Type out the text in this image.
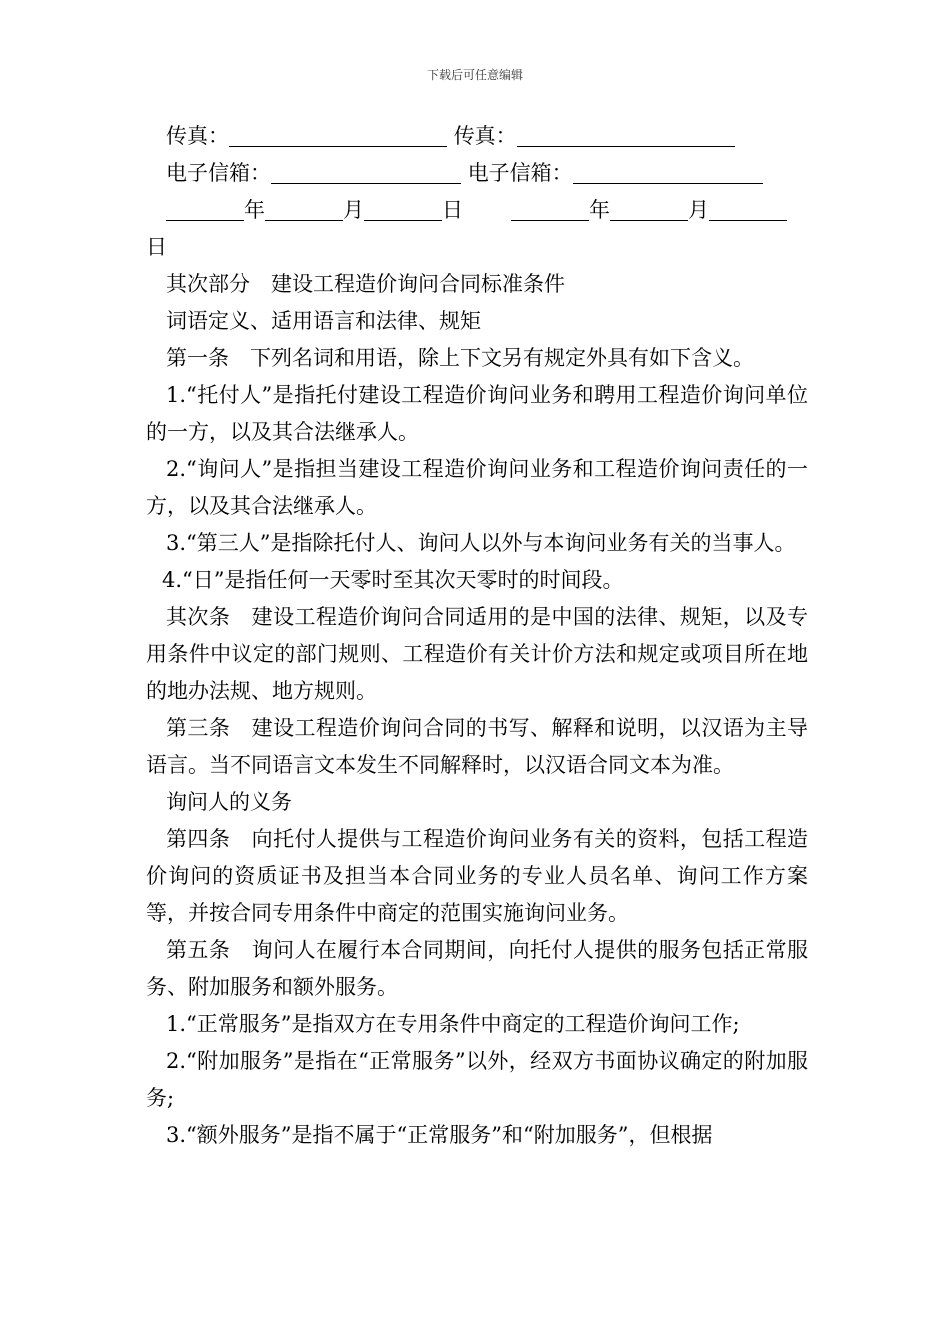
下载后可任意编辑
传真：	传真：
电子信箱：	电子信箱：
年	月	日	年	月
日
其次部分　建设工程造价询问合同标准条件
词语定义、适用语言和法律、规矩
第一条　下列名词和用语，除上下文另有规定外具有如下含义。

1.“托付人”是指托付建设工程造价询问业务和聘用工程造价询问单位的一方，以及其合法继承人。

2.“询问人”是指担当建设工程造价询问业务和工程造价询问责任的一方，以及其合法继承人。

3.“第三人”是指除托付人、询问人以外与本询问业务有关的当事人。

4.“日”是指任何一天零时至其次天零时的时间段。

其次条　建设工程造价询问合同适用的是中国的法律、规矩，以及专用条件中议定的部门规则、工程造价有关计价方法和规定或项目所在地的地办法规、地方规则。

第三条　建设工程造价询问合同的书写、解释和说明，以汉语为主导语言。当不同语言文本发生不同解释时，以汉语合同文本为准。

询问人的义务

第四条　向托付人提供与工程造价询问业务有关的资料，包括工程造价询问的资质证书及担当本合同业务的专业人员名单、询问工作方案等，并按合同专用条件中商定的范围实施询问业务。

第五条　询问人在履行本合同期间，向托付人提供的服务包括正常服务、附加服务和额外服务。

1.“正常服务”是指双方在专用条件中商定的工程造价询问工作;

2.“附加服务”是指在“正常服务”以外，经双方书面协议确定的附加服务;

3.“额外服务”是指不属于“正常服务”和“附加服务”，但根据
